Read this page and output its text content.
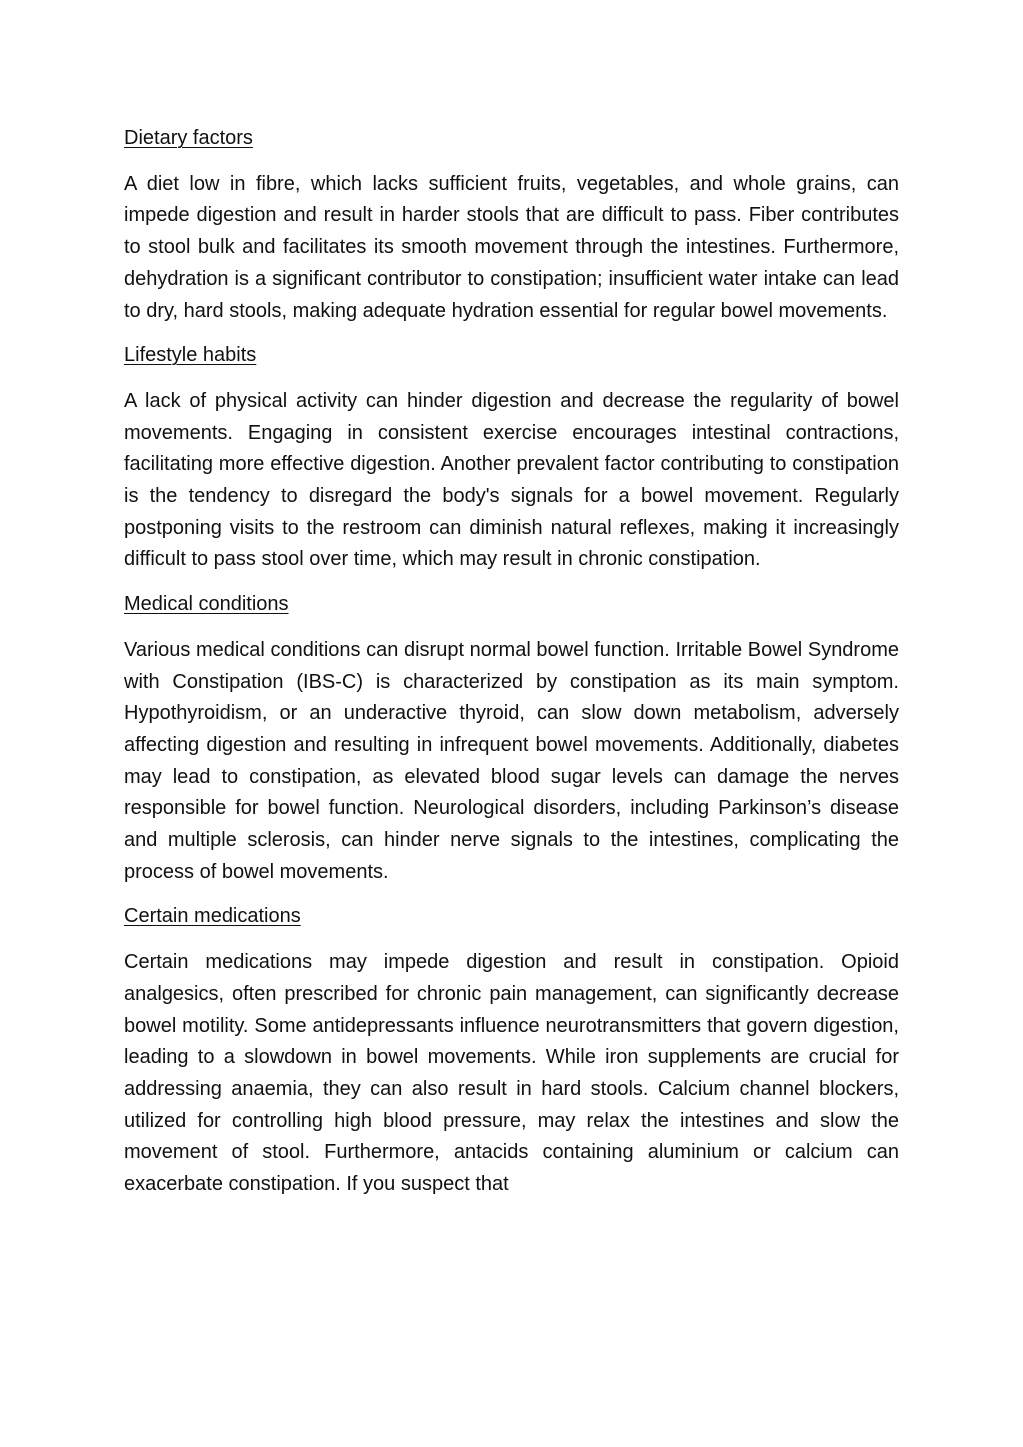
Dietary factors

A diet low in fibre, which lacks sufficient fruits, vegetables, and whole grains, can impede digestion and result in harder stools that are difficult to pass. Fiber contributes to stool bulk and facilitates its smooth movement through the intestines. Furthermore, dehydration is a significant contributor to constipation; insufficient water intake can lead to dry, hard stools, making adequate hydration essential for regular bowel movements.

Lifestyle habits

A lack of physical activity can hinder digestion and decrease the regularity of bowel movements. Engaging in consistent exercise encourages intestinal contractions, facilitating more effective digestion. Another prevalent factor contributing to constipation is the tendency to disregard the body's signals for a bowel movement. Regularly postponing visits to the restroom can diminish natural reflexes, making it increasingly difficult to pass stool over time, which may result in chronic constipation.

Medical conditions

Various medical conditions can disrupt normal bowel function. Irritable Bowel Syndrome with Constipation (IBS-C) is characterized by constipation as its main symptom. Hypothyroidism, or an underactive thyroid, can slow down metabolism, adversely affecting digestion and resulting in infrequent bowel movements. Additionally, diabetes may lead to constipation, as elevated blood sugar levels can damage the nerves responsible for bowel function. Neurological disorders, including Parkinson’s disease and multiple sclerosis, can hinder nerve signals to the intestines, complicating the process of bowel movements.

Certain medications

Certain medications may impede digestion and result in constipation. Opioid analgesics, often prescribed for chronic pain management, can significantly decrease bowel motility. Some antidepressants influence neurotransmitters that govern digestion, leading to a slowdown in bowel movements. While iron supplements are crucial for addressing anaemia, they can also result in hard stools. Calcium channel blockers, utilized for controlling high blood pressure, may relax the intestines and slow the movement of stool. Furthermore, antacids containing aluminium or calcium can exacerbate constipation. If you suspect that
